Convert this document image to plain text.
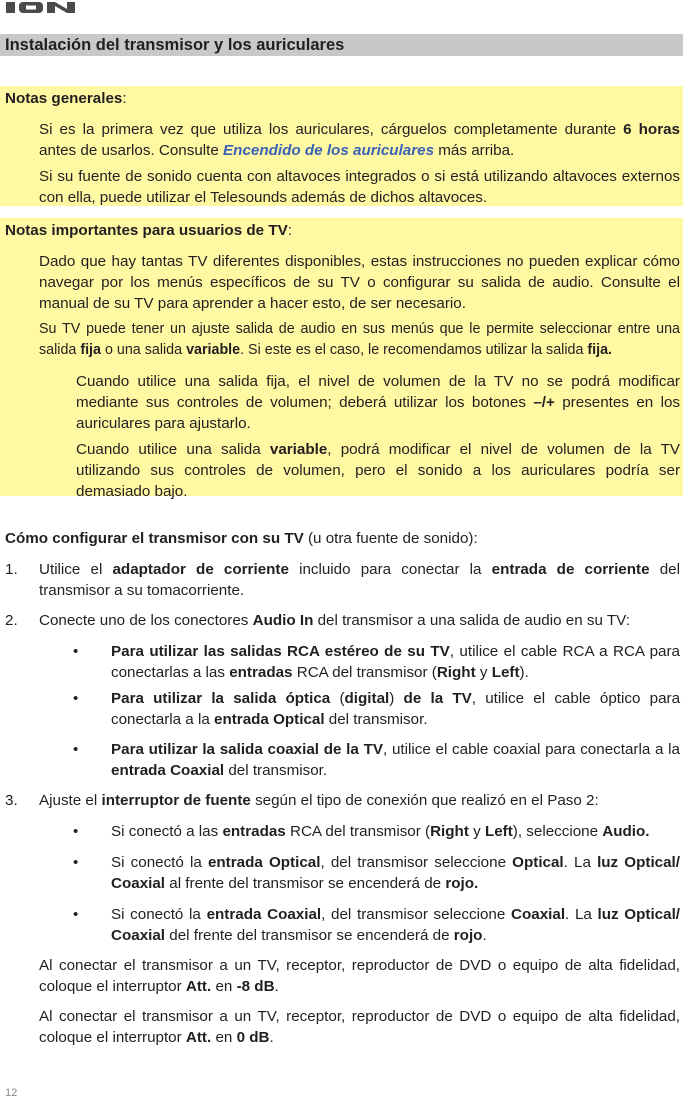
Instalación del transmisor y los auriculares

Notas generales:

Si es la primera vez que utiliza los auriculares, cárguelos completamente durante 6 horas antes de usarlos. Consulte Encendido de los auriculares más arriba.

Si su fuente de sonido cuenta con altavoces integrados o si está utilizando altavoces externos con ella, puede utilizar el Telesounds además de dichos altavoces.

Notas importantes para usuarios de TV:

Dado que hay tantas TV diferentes disponibles, estas instrucciones no pueden explicar cómo navegar por los menús específicos de su TV o configurar su salida de audio. Consulte el manual de su TV para aprender a hacer esto, de ser necesario.

Su TV puede tener un ajuste salida de audio en sus menús que le permite seleccionar entre una salida fija o una salida variable. Si este es el caso, le recomendamos utilizar la salida fija.

Cuando utilice una salida fija, el nivel de volumen de la TV no se podrá modificar mediante sus controles de volumen; deberá utilizar los botones –/+ presentes en los auriculares para ajustarlo.

Cuando utilice una salida variable, podrá modificar el nivel de volumen de la TV utilizando sus controles de volumen, pero el sonido a los auriculares podría ser demasiado bajo.

Cómo configurar el transmisor con su TV (u otra fuente de sonido):

1. Utilice el adaptador de corriente incluido para conectar la entrada de corriente del transmisor a su tomacorriente.

2. Conecte uno de los conectores Audio In del transmisor a una salida de audio en su TV:

• Para utilizar las salidas RCA estéreo de su TV, utilice el cable RCA a RCA para conectarlas a las entradas RCA del transmisor (Right y Left).

• Para utilizar la salida óptica (digital) de la TV, utilice el cable óptico para conectarla a la entrada Optical del transmisor.

• Para utilizar la salida coaxial de la TV, utilice el cable coaxial para conectarla a la entrada Coaxial del transmisor.

3. Ajuste el interruptor de fuente según el tipo de conexión que realizó en el Paso 2:

• Si conectó a las entradas RCA del transmisor (Right y Left), seleccione Audio.

• Si conectó la entrada Optical, del transmisor seleccione Optical. La luz Optical/ Coaxial al frente del transmisor se encenderá de rojo.

• Si conectó la entrada Coaxial, del transmisor seleccione Coaxial. La luz Optical/ Coaxial del frente del transmisor se encenderá de rojo.

Al conectar el transmisor a un TV, receptor, reproductor de DVD o equipo de alta fidelidad, coloque el interruptor Att. en -8 dB.

Al conectar el transmisor a un TV, receptor, reproductor de DVD o equipo de alta fidelidad, coloque el interruptor Att. en 0 dB.

12
